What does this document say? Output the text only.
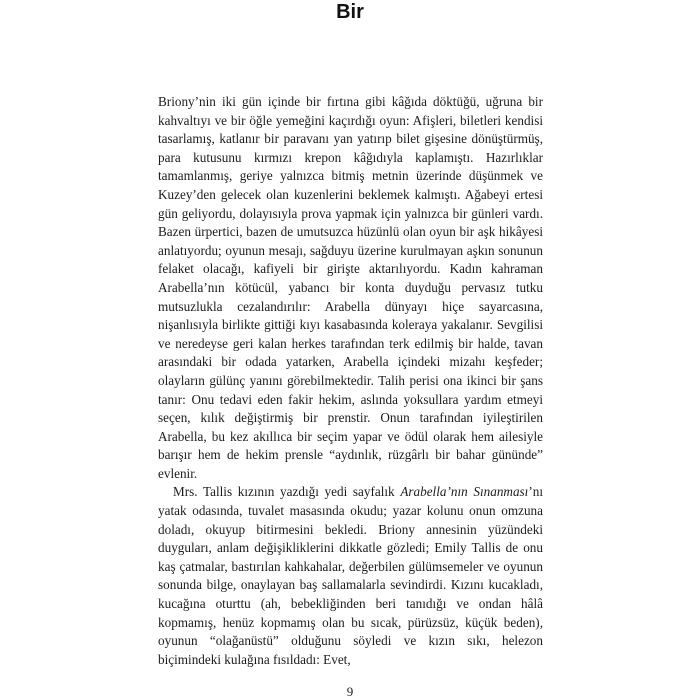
Bir

Briony’nin iki gün içinde bir fırtına gibi kâğıda döktüğü, uğruna bir kahvaltıyı ve bir öğle yemeğini kaçırdığı oyun: Afişleri, biletleri kendisi tasarlamış, katlanır bir paravanı yan yatırıp bilet gişesine dönüştürmüş, para kutusunu kırmızı krepon kâğıdıyla kaplamıştı. Hazırlıklar tamamlanmış, geriye yalnızca bitmiş metnin üzerinde düşünmek ve Kuzey’den gelecek olan kuzenlerini beklemek kalmıştı. Ağabeyi ertesi gün geliyordu, dolayısıyla prova yapmak için yalnızca bir günleri vardı. Bazen ürpertici, bazen de umutsuzca hüzünlü olan oyun bir aşk hikâyesi anlatıyordu; oyunun mesajı, sağduyu üzerine kurulmayan aşkın sonunun felaket olacağı, kafiyeli bir girişte aktarılıyordu. Kadın kahraman Arabella’nın kötücül, yabancı bir konta duyduğu pervasız tutku mutsuzlukla cezalandırılır: Arabella dünyayı hiçe sayarcasına, nişanlısıyla birlikte gittiği kıyı kasabasında koleraya yakalanır. Sevgilisi ve neredeyse geri kalan herkes tarafından terk edilmiş bir halde, tavan arasındaki bir odada yatarken, Arabella içindeki mizahı keşfeder; olayların gülünç yanını görebilmektedir. Talih perisi ona ikinci bir şans tanır: Onu tedavi eden fakir hekim, aslında yoksullara yardım etmeyi seçen, kılık değiştirmiş bir prenstir. Onun tarafından iyileştirilen Arabella, bu kez akıllıca bir seçim yapar ve ödül olarak hem ailesiyle barışır hem de hekim prensle “aydınlık, rüzgârlı bir bahar gününde” evlenir.

Mrs. Tallis kızının yazdığı yedi sayfalık Arabella’nın Sınanması’nı yatak odasında, tuvalet masasında okudu; yazar kolunu onun omzuna doladı, okuyup bitirmesini bekledi. Briony annesinin yüzündeki duyguları, anlam değişikliklerini dikkatle gözledi; Emily Tallis de onu kaş çatmalar, bastırılan kahkahalar, değerbilen gülümsemeler ve oyunun sonunda bilge, onaylayan baş sallamalarla sevindirdi. Kızını kucakladı, kucağına oturttu (ah, bebekliğinden beri tanıdığı ve ondan hâlâ kopmamış, henüz kopmamış olan bu sıcak, pürüzsüz, küçük beden), oyunun “olağanüstü” olduğunu söyledi ve kızın sıkı, helezon biçimindeki kulağına fısıldadı: Evet,

9
